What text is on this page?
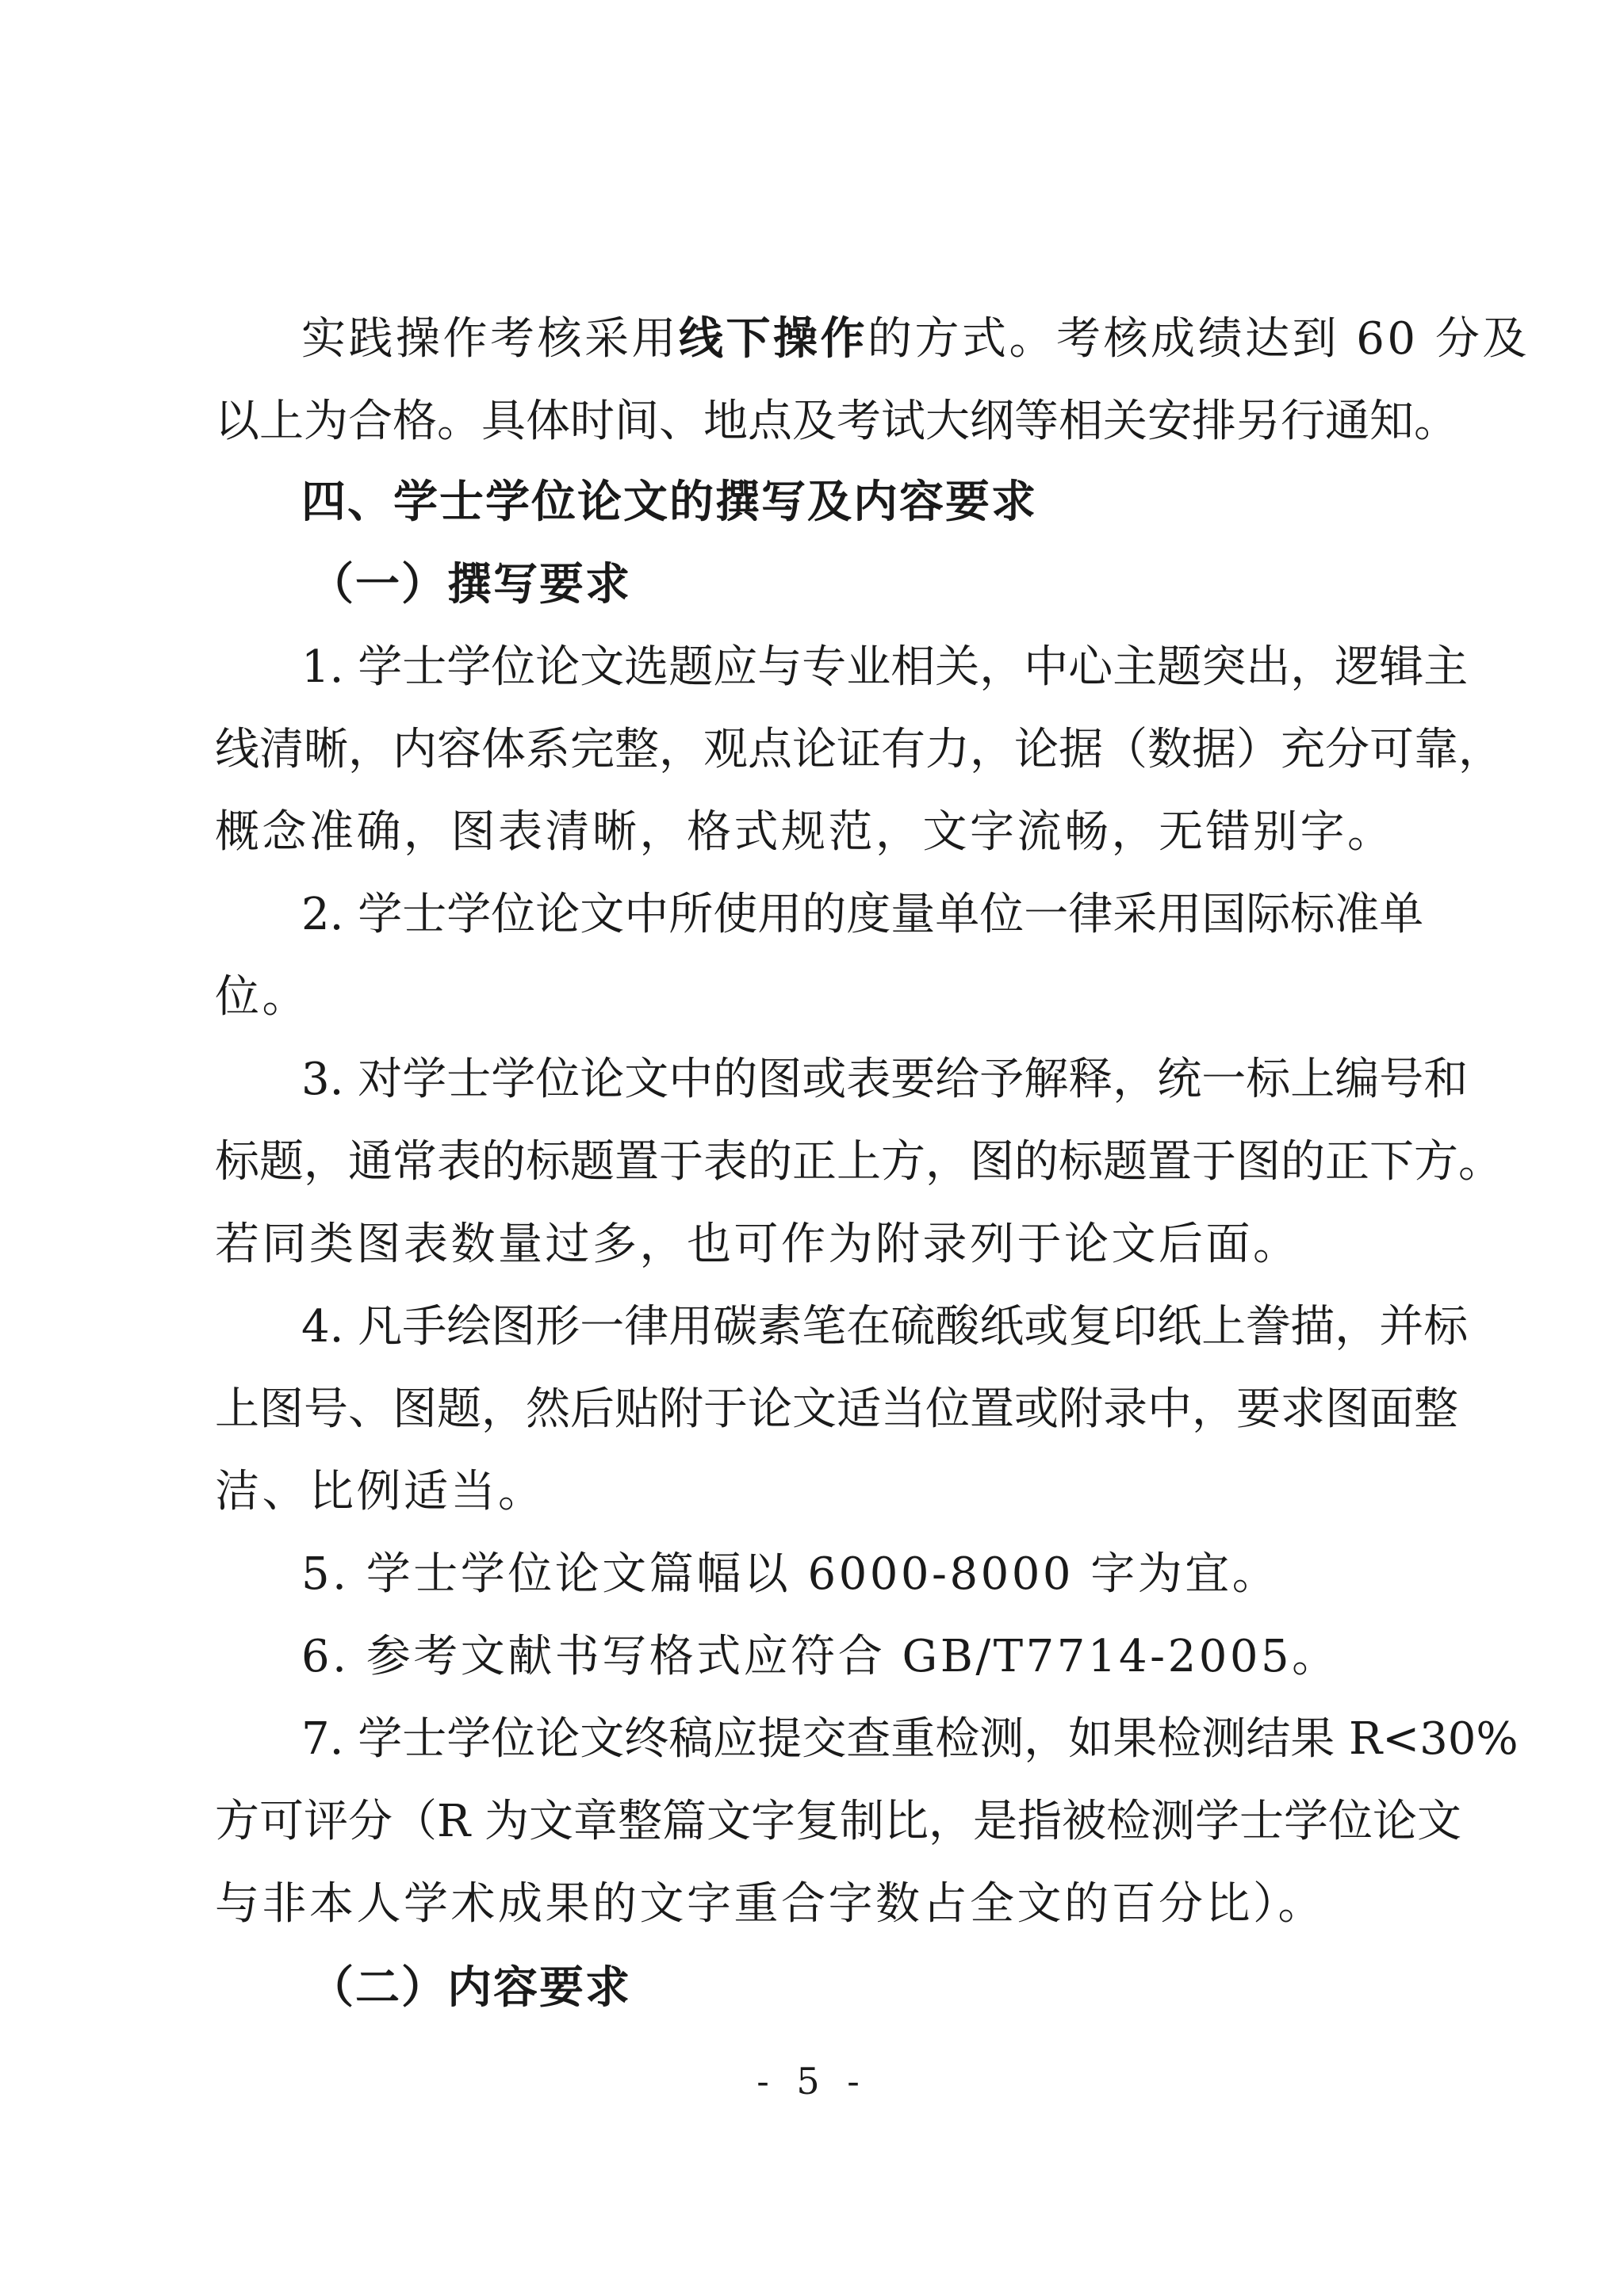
实践操作考核采用线下操作的方式。考核成绩达到 60 分及
以上为合格。具体时间、地点及考试大纲等相关安排另行通知。
四、学士学位论文的撰写及内容要求
（一）撰写要求
1. 学士学位论文选题应与专业相关，中心主题突出，逻辑主
线清晰，内容体系完整，观点论证有力，论据（数据）充分可靠，
概念准确，图表清晰，格式规范，文字流畅，无错别字。
2. 学士学位论文中所使用的度量单位一律采用国际标准单
位。
3. 对学士学位论文中的图或表要给予解释，统一标上编号和
标题，通常表的标题置于表的正上方，图的标题置于图的正下方。
若同类图表数量过多，也可作为附录列于论文后面。
4. 凡手绘图形一律用碳素笔在硫酸纸或复印纸上誊描，并标
上图号、图题，然后贴附于论文适当位置或附录中，要求图面整
洁、比例适当。
5. 学士学位论文篇幅以 6000-8000 字为宜。
6. 参考文献书写格式应符合 GB/T7714-2005。
7. 学士学位论文终稿应提交查重检测，如果检测结果 R<30%
方可评分（R 为文章整篇文字复制比，是指被检测学士学位论文
与非本人学术成果的文字重合字数占全文的百分比）。
（二）内容要求
- 5 -
